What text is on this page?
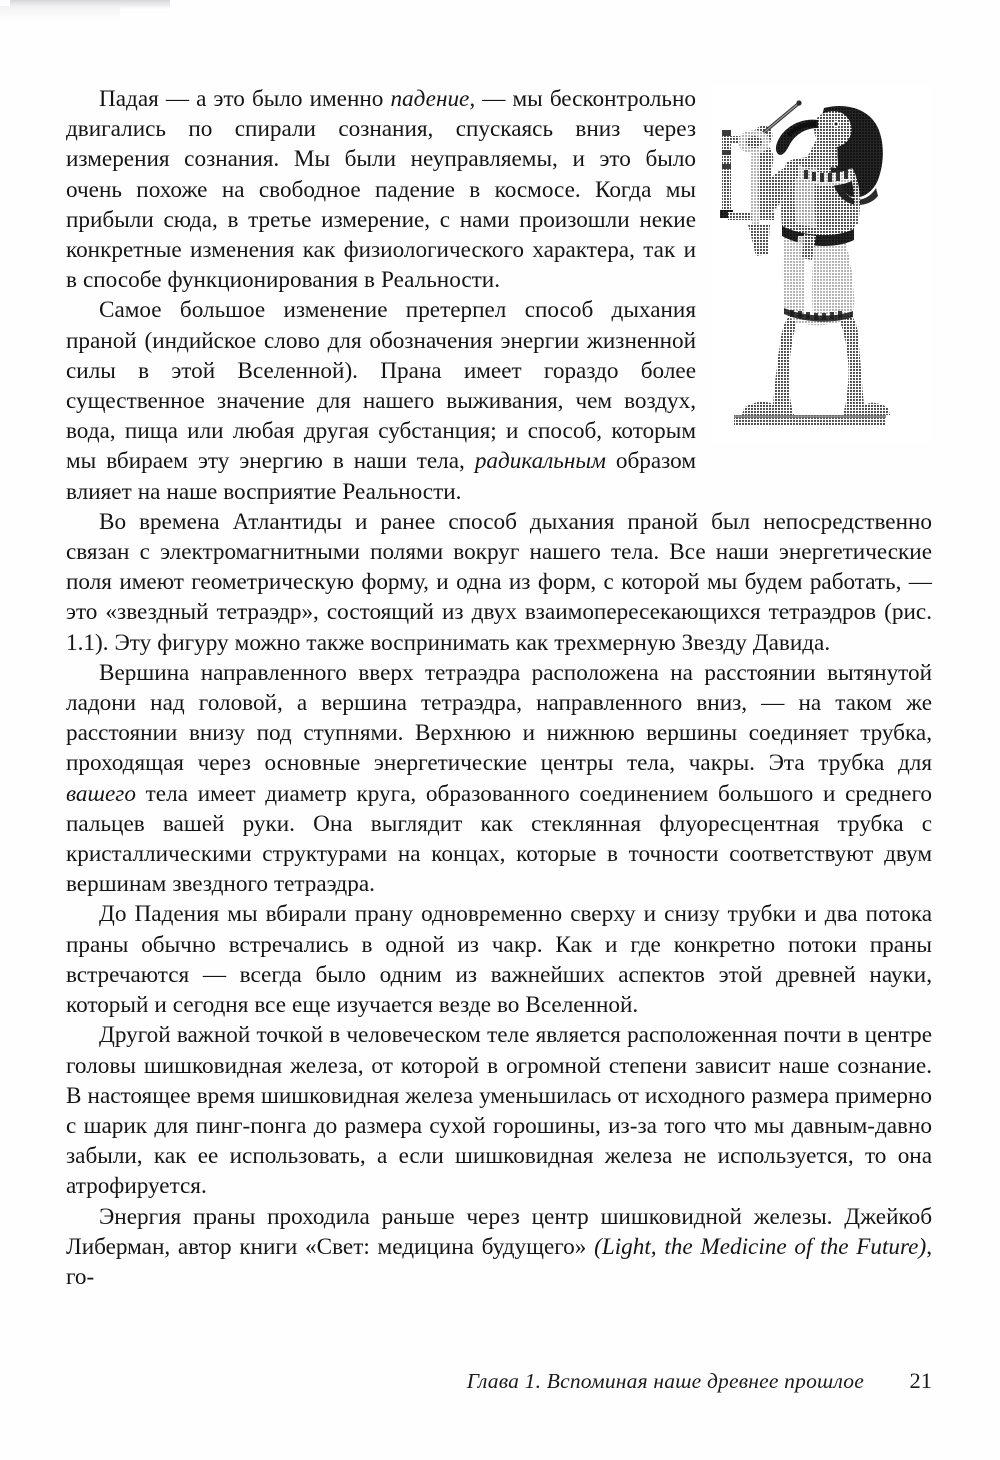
Падая — а это было именно падение, — мы бесконтрольно двигались по спирали сознания, спускаясь вниз через измерения сознания. Мы были неуправляемы, и это было очень похоже на свободное падение в космосе. Когда мы прибыли сюда, в третье измерение, с нами произошли некие конкретные изменения как физиологического характера, так и в способе функционирования в Реальности.

Самое большое изменение претерпел способ дыхания праной (индийское слово для обозначения энергии жизненной силы в этой Вселенной). Прана имеет гораздо более существенное значение для нашего выживания, чем воздух, вода, пища или любая другая субстанция; и способ, которым мы вбираем эту энергию в наши тела, радикальным образом влияет на наше восприятие Реальности.

Во времена Атлантиды и ранее способ дыхания праной был непосредственно связан с электромагнитными полями вокруг нашего тела. Все наши энергетические поля имеют геометрическую форму, и одна из форм, с которой мы будем работать, — это «звездный тетраэдр», состоящий из двух взаимопересекающихся тетраэдров (рис. 1.1). Эту фигуру можно также воспринимать как трехмерную Звезду Давида.

Вершина направленного вверх тетраэдра расположена на расстоянии вытянутой ладони над головой, а вершина тетраэдра, направленного вниз, — на таком же расстоянии внизу под ступнями. Верхнюю и нижнюю вершины соединяет трубка, проходящая через основные энергетические центры тела, чакры. Эта трубка для вашего тела имеет диаметр круга, образованного соединением большого и среднего пальцев вашей руки. Она выглядит как стеклянная флуоресцентная трубка с кристаллическими структурами на концах, которые в точности соответствуют двум вершинам звездного тетраэдра.

До Падения мы вбирали прану одновременно сверху и снизу трубки и два потока праны обычно встречались в одной из чакр. Как и где конкретно потоки праны встречаются — всегда было одним из важнейших аспектов этой древней науки, который и сегодня все еще изучается везде во Вселенной.

Другой важной точкой в человеческом теле является расположенная почти в центре головы шишковидная железа, от которой в огромной степени зависит наше сознание. В настоящее время шишковидная железа уменьшилась от исходного размера примерно с шарик для пинг-понга до размера сухой горошины, из-за того что мы давным-давно забыли, как ее использовать, а если шишковидная железа не используется, то она атрофируется.

Энергия праны проходила раньше через центр шишковидной железы. Джейкоб Либерман, автор книги «Свет: медицина будущего» (Light, the Medicine of the Future), го-

Глава 1. Вспоминая наше древнее прошлое 21
